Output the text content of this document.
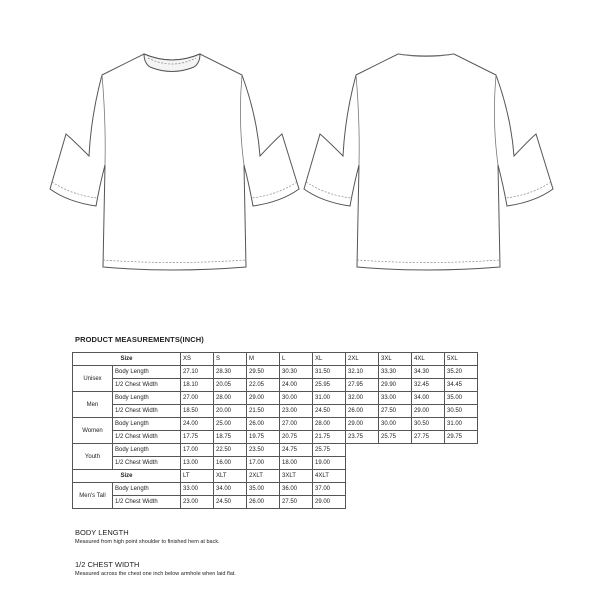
PRODUCT MEASUREMENTS(INCH)
Size		XS	S	M	L	XL	2XL	3XL	4XL	5XL
Unisex	Body Length	27.10	28.30	29.50	30.30	31.50	32.10	33.30	34.30	35.20
	1/2 Chest Width	18.10	20.05	22.05	24.00	25.95	27.95	29.90	32.45	34.45
Men	Body Length	27.00	28.00	29.00	30.00	31.00	32.00	33.00	34.00	35.00
	1/2 Chest Width	18.50	20.00	21.50	23.00	24.50	26.00	27.50	29.00	30.50
Women	Body Length	24.00	25.00	26.00	27.00	28.00	29.00	30.00	30.50	31.00
	1/2 Chest Width	17.75	18.75	19.75	20.75	21.75	23.75	25.75	27.75	29.75
Youth	Body Length	17.00	22.50	23.50	24.75	25.75				
	1/2 Chest Width	13.00	16.00	17.00	18.00	19.00				
Size		LT	XLT	2XLT	3XLT	4XLT				
Men's Tall	Body Length	33.00	34.00	35.00	36.00	37.00				
	1/2 Chest Width	23.00	24.50	26.00	27.50	29.00				
BODY LENGTH
Measured from high point shoulder to finished hem at back.
1/2 CHEST WIDTH
Measured across the chest one inch below armhole when laid flat.
